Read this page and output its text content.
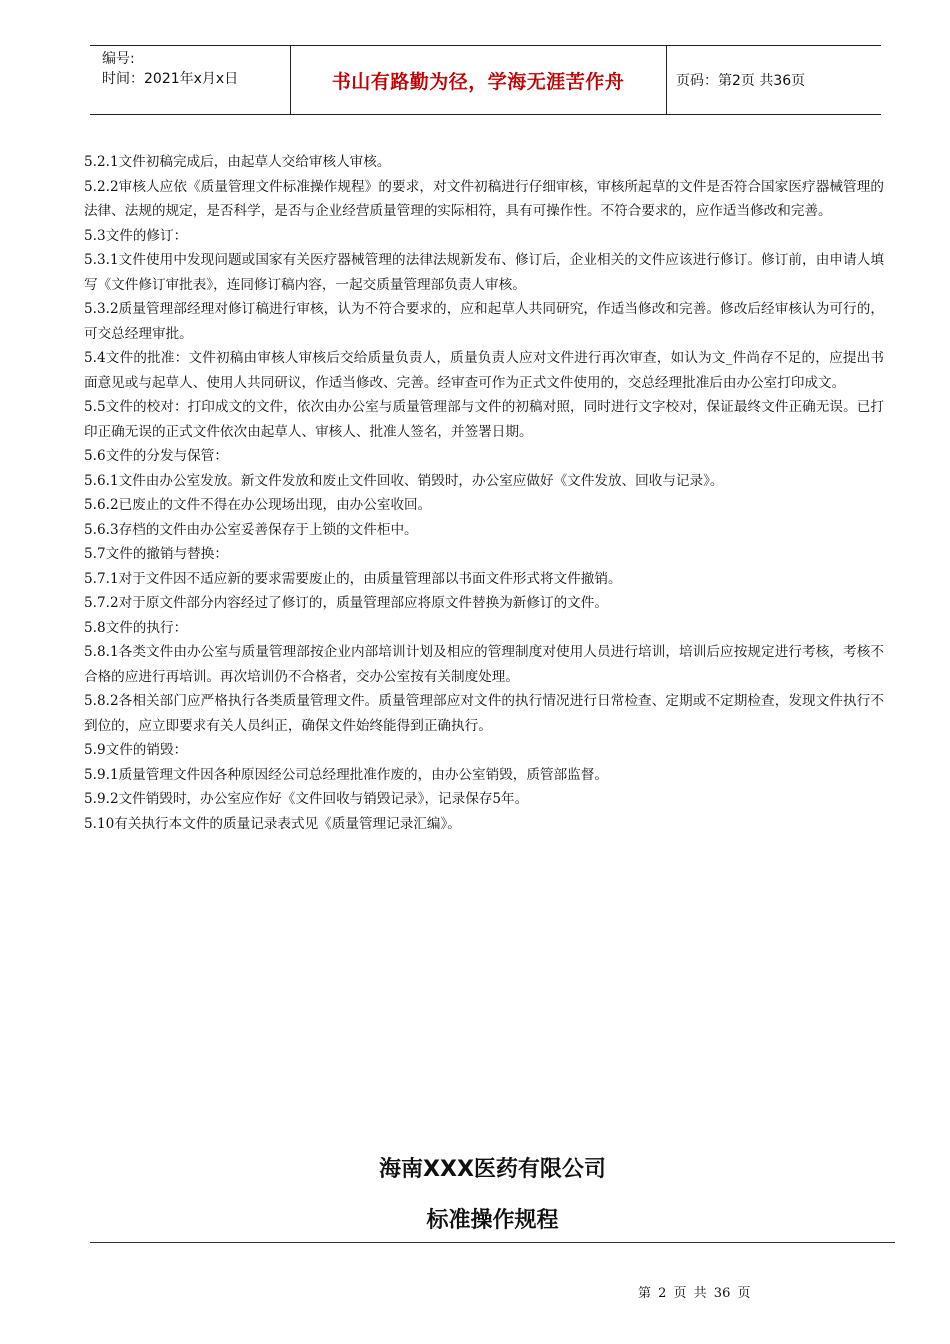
编号:
时间：2021年x月x日	书山有路勤为径，学海无涯苦作舟	页码：第2页 共36页

5.2.1文件初稿完成后，由起草人交给审核人审核。

5.2.2审核人应依《质量管理文件标准操作规程》的要求，对文件初稿进行仔细审核，审核所起草的文件是否符合国家医疗器械管理的法律、法规的规定，是否科学，是否与企业经营质量管理的实际相符，具有可操作性。不符合要求的，应作适当修改和完善。

5.3文件的修订：

5.3.1文件使用中发现问题或国家有关医疗器械管理的法律法规新发布、修订后，企业相关的文件应该进行修订。修订前，由申请人填写《文件修订审批表》，连同修订稿内容，一起交质量管理部负责人审核。

5.3.2质量管理部经理对修订稿进行审核，认为不符合要求的，应和起草人共同研究，作适当修改和完善。修改后经审核认为可行的，可交总经理审批。

5.4文件的批准：文件初稿由审核人审核后交给质量负责人，质量负责人应对文件进行再次审查，如认为文_件尚存不足的，应提出书面意见或与起草人、使用人共同研议，作适当修改、完善。经审查可作为正式文件使用的，交总经理批准后由办公室打印成文。

5.5文件的校对：打印成文的文件，依次由办公室与质量管理部与文件的初稿对照，同时进行文字校对，保证最终文件正确无误。已打印正确无误的正式文件依次由起草人、审核人、批准人签名，并签署日期。

5.6文件的分发与保管：

5.6.1文件由办公室发放。新文件发放和废止文件回收、销毁时，办公室应做好《文件发放、回收与记录》。

5.6.2已废止的文件不得在办公现场出现，由办公室收回。

5.6.3存档的文件由办公室妥善保存于上锁的文件柜中。

5.7文件的撤销与替换：

5.7.1对于文件因不适应新的要求需要废止的，由质量管理部以书面文件形式将文件撤销。

5.7.2对于原文件部分内容经过了修订的，质量管理部应将原文件替换为新修订的文件。

5.8文件的执行：

5.8.1各类文件由办公室与质量管理部按企业内部培训计划及相应的管理制度对使用人员进行培训，培训后应按规定进行考核，考核不合格的应进行再培训。再次培训仍不合格者，交办公室按有关制度处理。

5.8.2各相关部门应严格执行各类质量管理文件。质量管理部应对文件的执行情况进行日常检查、定期或不定期检查，发现文件执行不到位的，应立即要求有关人员纠正，确保文件始终能得到正确执行。

5.9文件的销毁：

5.9.1质量管理文件因各种原因经公司总经理批准作废的，由办公室销毁，质管部监督。

5.9.2文件销毁时，办公室应作好《文件回收与销毁记录》，记录保存5年。

5.10有关执行本文件的质量记录表式见《质量管理记录汇编》。

海南XXX医药有限公司
标准操作规程
第 2 页 共 36 页
